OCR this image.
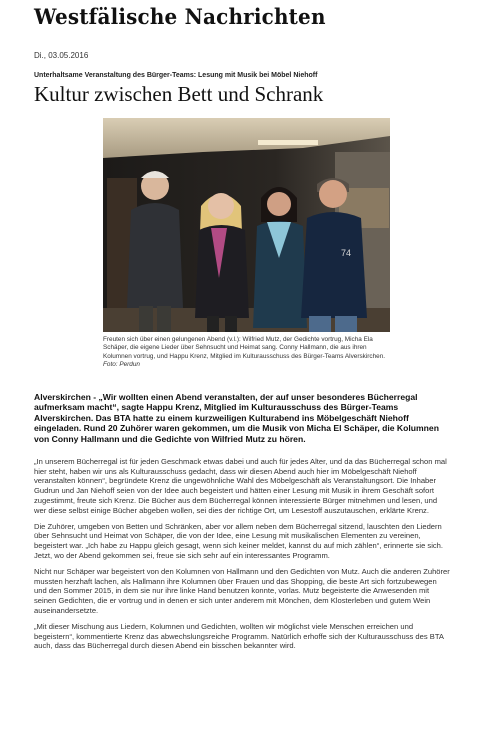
Westfälische Nachrichten
Di., 03.05.2016
Unterhaltsame Veranstaltung des Bürger-Teams: Lesung mit Musik bei Möbel Niehoff
Kultur zwischen Bett und Schrank
74
Freuten sich über einen gelungenen Abend (v.l.): Wilfried Mutz, der Gedichte vortrug, Micha Ela Schäper, die eigene Lieder über Sehnsucht und Heimat sang. Conny Hallmann, die aus ihren Kolumnen vortrug, und Happu Krenz, Mitglied im Kulturausschuss des Bürger-Teams Alverskirchen. Foto: Perdun
Alverskirchen - „Wir wollten einen Abend veranstalten, der auf unser besonderes Bücherregal aufmerksam macht“, sagte Happu Krenz, Mitglied im Kulturausschuss des Bürger-Teams Alverskirchen. Das BTA hatte zu einem kurzweiligen Kulturabend ins Möbelgeschäft Niehoff eingeladen. Rund 20 Zuhörer waren gekommen, um die Musik von Micha El Schäper, die Kolumnen von Conny Hallmann und die Gedichte von Wilfried Mutz zu hören.

„In unserem Bücherregal ist für jeden Geschmack etwas dabei und auch für jedes Alter, und da das Bücherregal schon mal hier steht, haben wir uns als Kulturausschuss gedacht, dass wir diesen Abend auch hier im Möbelgeschäft Niehoff veranstalten können“, begründete Krenz die ungewöhnliche Wahl des Möbelgeschäft als Veranstaltungsort. Die Inhaber Gudrun und Jan Niehoff seien von der Idee auch begeistert und hätten einer Lesung mit Musik in ihrem Geschäft sofort zugestimmt, freute sich Krenz. Die Bücher aus dem Bücherregal können interessierte Bürger mitnehmen und lesen, und wer diese selbst einige Bücher abgeben wollen, sei dies der richtige Ort, um Lesestoff auszutauschen, erklärte Krenz.

Die Zuhörer, umgeben von Betten und Schränken, aber vor allem neben dem Bücherregal sitzend, lauschten den Liedern über Sehnsucht und Heimat von Schäper, die von der Idee, eine Lesung mit musikalischen Elementen zu vereinen, begeistert war. „Ich habe zu Happu gleich gesagt, wenn sich keiner meldet, kannst du auf mich zählen“, erinnerte sie sich. Jetzt, wo der Abend gekommen sei, freue sie sich sehr auf ein interessantes Programm.

Nicht nur Schäper war begeistert von den Kolumnen von Hallmann und den Gedichten von Mutz. Auch die anderen Zuhörer mussten herzhaft lachen, als Hallmann ihre Kolumnen über Frauen und das Shopping, die beste Art sich fortzubewegen und den Sommer 2015, in dem sie nur ihre linke Hand benutzen konnte, vorlas. Mutz begeisterte die Anwesenden mit seinen Gedichten, die er vortrug und in denen er sich unter anderem mit Mönchen, dem Klosterleben und gutem Wein auseinandersetzte.

„Mit dieser Mischung aus Liedern, Kolumnen und Gedichten, wollten wir möglichst viele Menschen erreichen und begeistern“, kommentierte Krenz das abwechslungsreiche Programm. Natürlich erhoffe sich der Kulturausschuss des BTA auch, dass das Bücherregal durch diesen Abend ein bisschen bekannter wird.
